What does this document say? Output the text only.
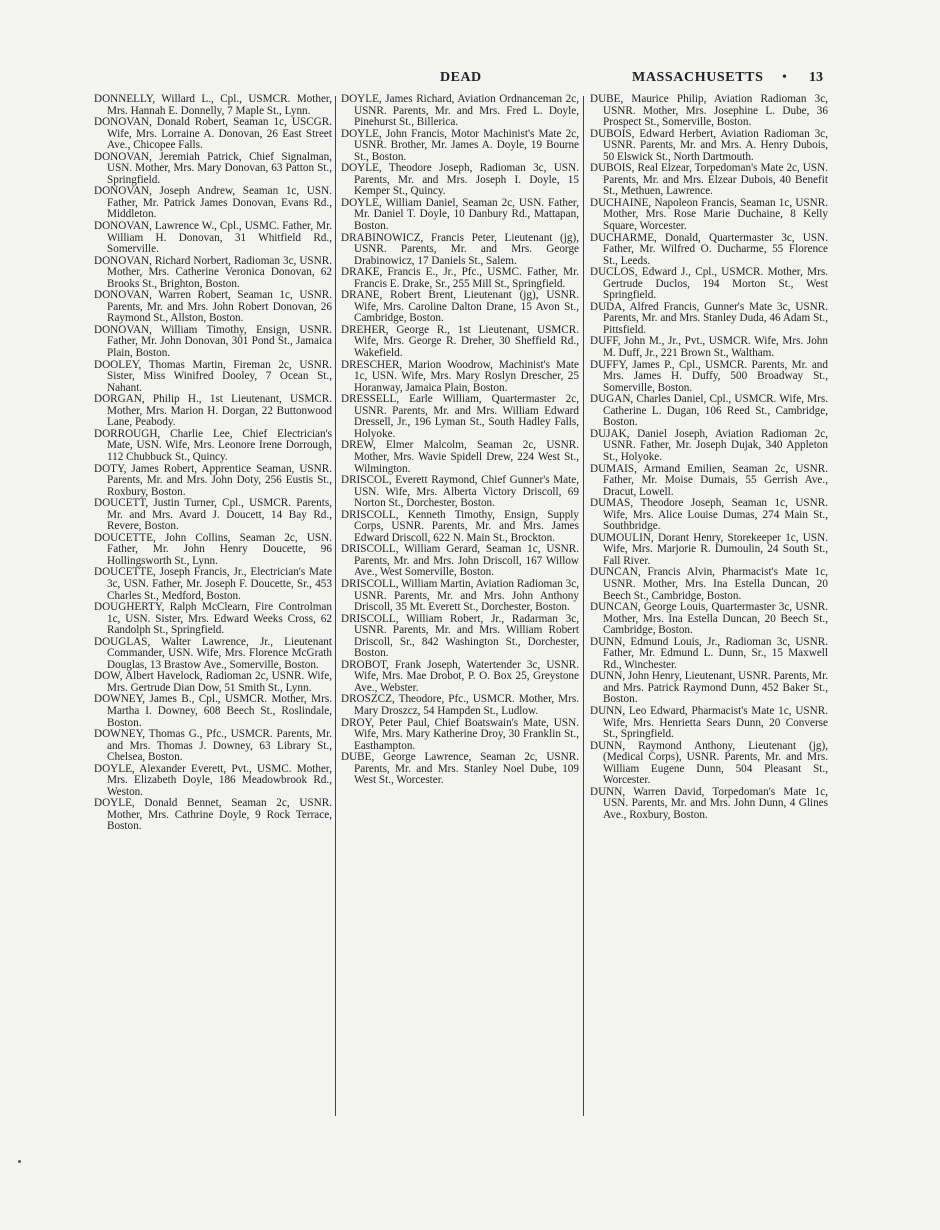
DEAD	MASSACHUSETTS • 13
DONNELLY, Willard L., Cpl., USMCR. Mother, Mrs. Hannah E. Donnelly, 7 Maple St., Lynn.
DONOVAN, Donald Robert, Seaman 1c, USCGR. Wife, Mrs. Lorraine A. Donovan, 26 East Street Ave., Chicopee Falls.
DONOVAN, Jeremiah Patrick, Chief Signalman, USN. Mother, Mrs. Mary Donovan, 63 Patton St., Springfield.
DONOVAN, Joseph Andrew, Seaman 1c, USN. Father, Mr. Patrick James Donovan, Evans Rd., Middleton.
DONOVAN, Lawrence W., Cpl., USMC. Father, Mr. William H. Donovan, 31 Whitfield Rd., Somerville.
DONOVAN, Richard Norbert, Radioman 3c, USNR. Mother, Mrs. Catherine Veronica Donovan, 62 Brooks St., Brighton, Boston.
DONOVAN, Warren Robert, Seaman 1c, USNR. Parents, Mr. and Mrs. John Robert Donovan, 26 Raymond St., Allston, Boston.
DONOVAN, William Timothy, Ensign, USNR. Father, Mr. John Donovan, 301 Pond St., Jamaica Plain, Boston.
DOOLEY, Thomas Martin, Fireman 2c, USNR. Sister, Miss Winifred Dooley, 7 Ocean St., Nahant.
DORGAN, Philip H., 1st Lieutenant, USMCR. Mother, Mrs. Marion H. Dorgan, 22 Buttonwood Lane, Peabody.
DORROUGH, Charlie Lee, Chief Electrician's Mate, USN. Wife, Mrs. Leonore Irene Dorrough, 112 Chubbuck St., Quincy.
DOTY, James Robert, Apprentice Seaman, USNR. Parents, Mr. and Mrs. John Doty, 256 Eustis St., Roxbury, Boston.
DOUCETT, Justin Turner, Cpl., USMCR. Parents, Mr. and Mrs. Avard J. Doucett, 14 Bay Rd., Revere, Boston.
DOUCETTE, John Collins, Seaman 2c, USN. Father, Mr. John Henry Doucette, 96 Hollingsworth St., Lynn.
DOUCETTE, Joseph Francis, Jr., Electrician's Mate 3c, USN. Father, Mr. Joseph F. Doucette, Sr., 453 Charles St., Medford, Boston.
DOUGHERTY, Ralph McClearn, Fire Controlman 1c, USN. Sister, Mrs. Edward Weeks Cross, 62 Randolph St., Springfield.
DOUGLAS, Walter Lawrence, Jr., Lieutenant Commander, USN. Wife, Mrs. Florence McGrath Douglas, 13 Brastow Ave., Somerville, Boston.
DOW, Albert Havelock, Radioman 2c, USNR. Wife, Mrs. Gertrude Dian Dow, 51 Smith St., Lynn.
DOWNEY, James B., Cpl., USMCR. Mother, Mrs. Martha I. Downey, 608 Beech St., Roslindale, Boston.
DOWNEY, Thomas G., Pfc., USMCR. Parents, Mr. and Mrs. Thomas J. Downey, 63 Library St., Chelsea, Boston.
DOYLE, Alexander Everett, Pvt., USMC. Mother, Mrs. Elizabeth Doyle, 186 Meadowbrook Rd., Weston.
DOYLE, Donald Bennet, Seaman 2c, USNR. Mother, Mrs. Cathrine Doyle, 9 Rock Terrace, Boston.
DOYLE, James Richard, Aviation Ordnanceman 2c, USNR. Parents, Mr. and Mrs. Fred L. Doyle, Pinehurst St., Billerica.
DOYLE, John Francis, Motor Machinist's Mate 2c, USNR. Brother, Mr. James A. Doyle, 19 Bourne St., Boston.
DOYLE, Theodore Joseph, Radioman 3c, USN. Parents, Mr. and Mrs. Joseph I. Doyle, 15 Kemper St., Quincy.
DOYLE, William Daniel, Seaman 2c, USN. Father, Mr. Daniel T. Doyle, 10 Danbury Rd., Mattapan, Boston.
DRABINOWICZ, Francis Peter, Lieutenant (jg), USNR. Parents, Mr. and Mrs. George Drabinowicz, 17 Daniels St., Salem.
DRAKE, Francis E., Jr., Pfc., USMC. Father, Mr. Francis E. Drake, Sr., 255 Mill St., Springfield.
DRANE, Robert Brent, Lieutenant (jg), USNR. Wife, Mrs. Caroline Dalton Drane, 15 Avon St., Cambridge, Boston.
DREHER, George R., 1st Lieutenant, USMCR. Wife, Mrs. George R. Dreher, 30 Sheffield Rd., Wakefield.
DRESCHER, Marion Woodrow, Machinist's Mate 1c, USN. Wife, Mrs. Mary Roslyn Drescher, 25 Horanway, Jamaica Plain, Boston.
DRESSELL, Earle William, Quartermaster 2c, USNR. Parents, Mr. and Mrs. William Edward Dressell, Jr., 196 Lyman St., South Hadley Falls, Holyoke.
DREW, Elmer Malcolm, Seaman 2c, USNR. Mother, Mrs. Wavie Spidell Drew, 224 West St., Wilmington.
DRISCOL, Everett Raymond, Chief Gunner's Mate, USN. Wife, Mrs. Alberta Victory Driscoll, 69 Norton St., Dorchester, Boston.
DRISCOLL, Kenneth Timothy, Ensign, Supply Corps, USNR. Parents, Mr. and Mrs. James Edward Driscoll, 622 N. Main St., Brockton.
DRISCOLL, William Gerard, Seaman 1c, USNR. Parents, Mr. and Mrs. John Driscoll, 167 Willow Ave., West Somerville, Boston.
DRISCOLL, William Martin, Aviation Radioman 3c, USNR. Parents, Mr. and Mrs. John Anthony Driscoll, 35 Mt. Everett St., Dorchester, Boston.
DRISCOLL, William Robert, Jr., Radarman 3c, USNR. Parents, Mr. and Mrs. William Robert Driscoll, Sr., 842 Washington St., Dorchester, Boston.
DROBOT, Frank Joseph, Watertender 3c, USNR. Wife, Mrs. Mae Drobot, P. O. Box 25, Greystone Ave., Webster.
DROSZCZ, Theodore, Pfc., USMCR. Mother, Mrs. Mary Droszcz, 54 Hampden St., Ludlow.
DROY, Peter Paul, Chief Boatswain's Mate, USN. Wife, Mrs. Mary Katherine Droy, 30 Franklin St., Easthampton.
DUBE, George Lawrence, Seaman 2c, USNR. Parents, Mr. and Mrs. Stanley Noel Dube, 109 West St., Worcester.
DUBE, Maurice Philip, Aviation Radioman 3c, USNR. Mother, Mrs. Josephine L. Dube, 36 Prospect St., Somerville, Boston.
DUBOIS, Edward Herbert, Aviation Radioman 3c, USNR. Parents, Mr. and Mrs. A. Henry Dubois, 50 Elswick St., North Dartmouth.
DUBOIS, Real Elzear, Torpedoman's Mate 2c, USN. Parents, Mr. and Mrs. Elzear Dubois, 40 Benefit St., Methuen, Lawrence.
DUCHAINE, Napoleon Francis, Seaman 1c, USNR. Mother, Mrs. Rose Marie Duchaine, 8 Kelly Square, Worcester.
DUCHARME, Donald, Quartermaster 3c, USN. Father, Mr. Wilfred O. Ducharme, 55 Florence St., Leeds.
DUCLOS, Edward J., Cpl., USMCR. Mother, Mrs. Gertrude Duclos, 194 Morton St., West Springfield.
DUDA, Alfred Francis, Gunner's Mate 3c, USNR. Parents, Mr. and Mrs. Stanley Duda, 46 Adam St., Pittsfield.
DUFF, John M., Jr., Pvt., USMCR. Wife, Mrs. John M. Duff, Jr., 221 Brown St., Waltham.
DUFFY, James P., Cpl., USMCR. Parents, Mr. and Mrs. James H. Duffy, 500 Broadway St., Somerville, Boston.
DUGAN, Charles Daniel, Cpl., USMCR. Wife, Mrs. Catherine L. Dugan, 106 Reed St., Cambridge, Boston.
DUJAK, Daniel Joseph, Aviation Radioman 2c, USNR. Father, Mr. Joseph Dujak, 340 Appleton St., Holyoke.
DUMAIS, Armand Emilien, Seaman 2c, USNR. Father, Mr. Moise Dumais, 55 Gerrish Ave., Dracut, Lowell.
DUMAS, Theodore Joseph, Seaman 1c, USNR. Wife, Mrs. Alice Louise Dumas, 274 Main St., Southbridge.
DUMOULIN, Dorant Henry, Storekeeper 1c, USN. Wife, Mrs. Marjorie R. Dumoulin, 24 South St., Fall River.
DUNCAN, Francis Alvin, Pharmacist's Mate 1c, USNR. Mother, Mrs. Ina Estella Duncan, 20 Beech St., Cambridge, Boston.
DUNCAN, George Louis, Quartermaster 3c, USNR. Mother, Mrs. Ina Estella Duncan, 20 Beech St., Cambridge, Boston.
DUNN, Edmund Louis, Jr., Radioman 3c, USNR. Father, Mr. Edmund L. Dunn, Sr., 15 Maxwell Rd., Winchester.
DUNN, John Henry, Lieutenant, USNR. Parents, Mr. and Mrs. Patrick Raymond Dunn, 452 Baker St., Boston.
DUNN, Leo Edward, Pharmacist's Mate 1c, USNR. Wife, Mrs. Henrietta Sears Dunn, 20 Converse St., Springfield.
DUNN, Raymond Anthony, Lieutenant (jg), (Medical Corps), USNR. Parents, Mr. and Mrs. William Eugene Dunn, 504 Pleasant St., Worcester.
DUNN, Warren David, Torpedoman's Mate 1c, USN. Parents, Mr. and Mrs. John Dunn, 4 Glines Ave., Roxbury, Boston.
